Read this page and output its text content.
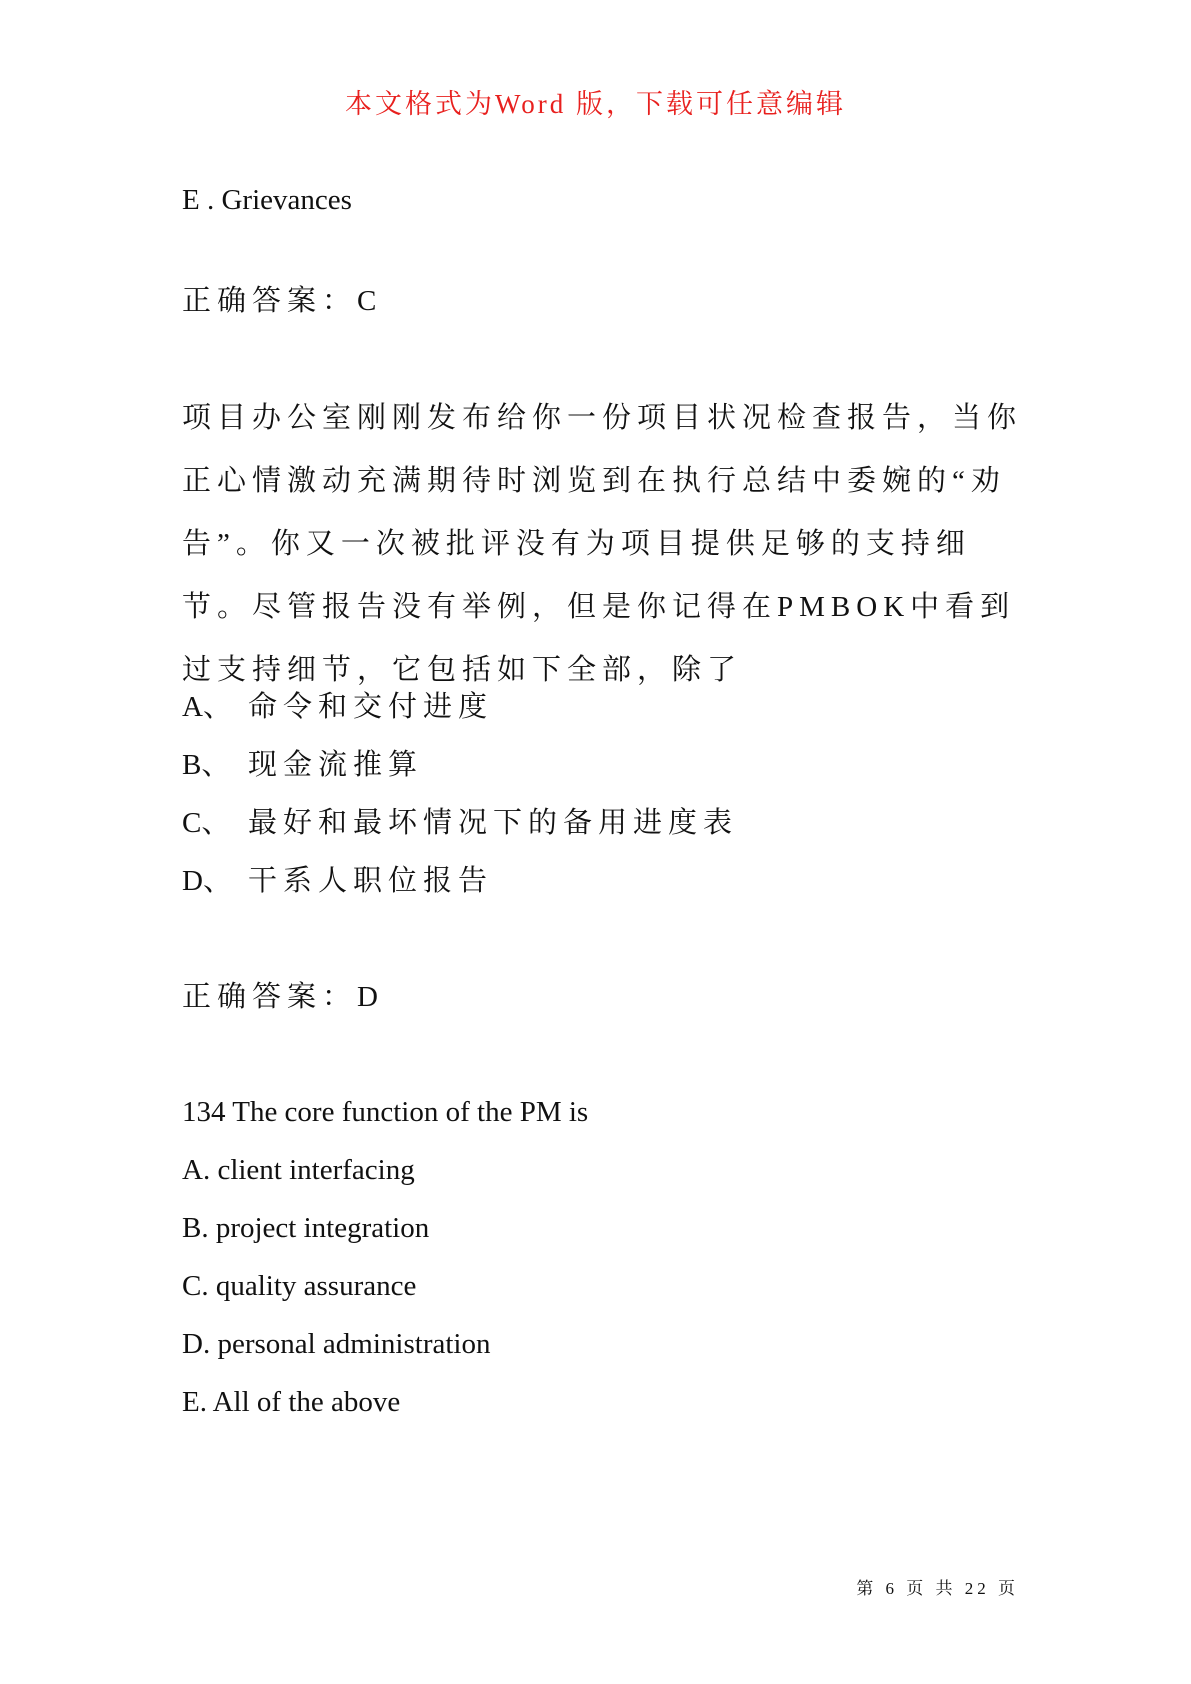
本文格式为Word 版，下载可任意编辑
E . Grievances
正确答案：C
项目办公室刚刚发布给你一份项目状况检查报告，当你正心情激动充满期待时浏览到在执行总结中委婉的“劝告”。你又一次被批评没有为项目提供足够的支持细节。尽管报告没有举例，但是你记得在PMBOK中看到过支持细节，它包括如下全部，除了
A、 命令和交付进度
B、 现金流推算
C、 最好和最坏情况下的备用进度表
D、 干系人职位报告
正确答案：D
134 The core function of the PM is
A. client interfacing
B. project integration
C. quality assurance
D. personal administration
E. All of the above
第 6 页 共 22 页
